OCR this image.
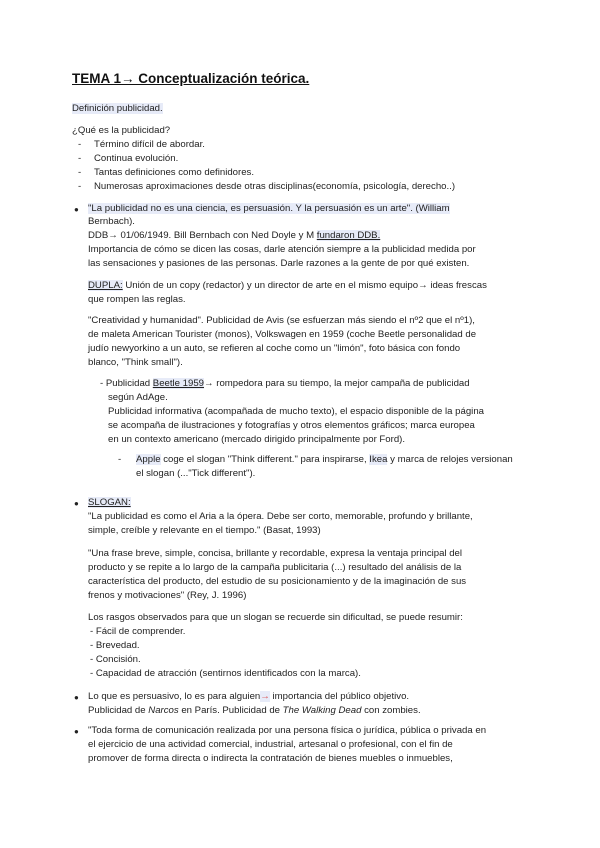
TEMA 1→ Conceptualización teórica.
Definición publicidad.
¿Qué es la publicidad?
- Término difícil de abordar.
- Continua evolución.
- Tantas definiciones como definidores.
- Numerosas aproximaciones desde otras disciplinas(economía, psicología, derecho..)
● "La publicidad no es una ciencia, es persuasión. Y la persuasión es un arte". (William
Bernbach).
DDB→ 01/06/1949. Bill Bernbach con Ned Doyle y M fundaron DDB.
Importancia de cómo se dicen las cosas, darle atención siempre a la publicidad medida por
las sensaciones y pasiones de las personas. Darle razones a la gente de por qué existen.
DUPLA: Unión de un copy (redactor) y un director de arte en el mismo equipo→ ideas frescas
que rompen las reglas.
"Creatividad y humanidad". Publicidad de Avis (se esfuerzan más siendo el nº2 que el nº1),
de maleta American Tourister (monos), Volkswagen en 1959 (coche Beetle personalidad de
judío newyorkino a un auto, se refieren al coche como un "limón", foto básica con fondo
blanco, "Think small").
- Publicidad Beetle 1959→ rompedora para su tiempo, la mejor campaña de publicidad
según AdAge.
Publicidad informativa (acompañada de mucho texto), el espacio disponible de la página
se acompaña de ilustraciones y fotografías y otros elementos gráficos; marca europea
en un contexto americano (mercado dirigido principalmente por Ford).
- Apple coge el slogan "Think different." para inspirarse, Ikea y marca de relojes versionan
el slogan (..."Tick different").
● SLOGAN:
"La publicidad es como el Aria a la ópera. Debe ser corto, memorable, profundo y brillante,
simple, creíble y relevante en el tiempo." (Basat, 1993)
"Una frase breve, simple, concisa, brillante y recordable, expresa la ventaja principal del
producto y se repite a lo largo de la campaña publicitaria (...) resultado del análisis de la
característica del producto, del estudio de su posicionamiento y de la imaginación de sus
frenos y motivaciones" (Rey, J. 1996)
Los rasgos observados para que un slogan se recuerde sin dificultad, se puede resumir:
- Fácil de comprender.
- Brevedad.
- Concisión.
- Capacidad de atracción (sentirnos identificados con la marca).
● Lo que es persuasivo, lo es para alguien→ importancia del público objetivo.
Publicidad de Narcos en París. Publicidad de The Walking Dead con zombies.
● "Toda forma de comunicación realizada por una persona física o jurídica, pública o privada en
el ejercicio de una actividad comercial, industrial, artesanal o profesional, con el fin de
promover de forma directa o indirecta la contratación de bienes muebles o inmuebles,
